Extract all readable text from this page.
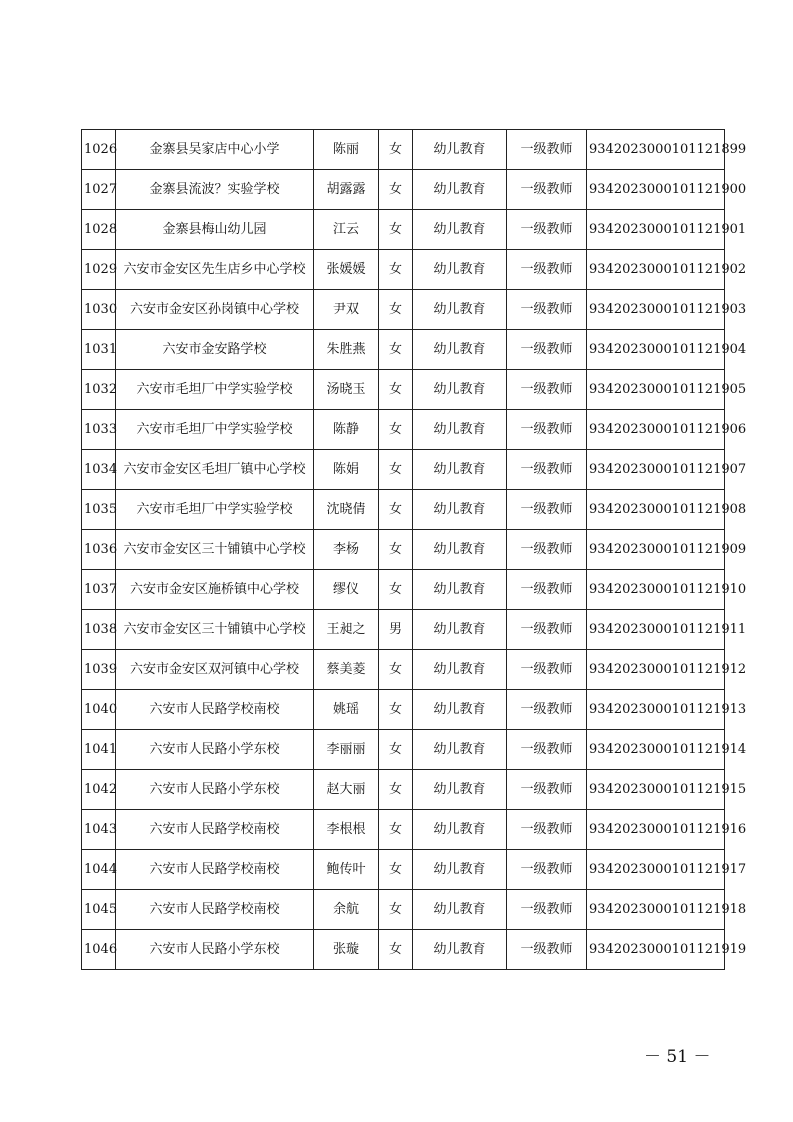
1026	金寨县吴家店中心小学	陈丽	女	幼儿教育	一级教师	9342023000101121899
1027	金寨县流波？实验学校	胡露露	女	幼儿教育	一级教师	9342023000101121900
1028	金寨县梅山幼儿园	江云	女	幼儿教育	一级教师	9342023000101121901
1029	六安市金安区先生店乡中心学校	张媛媛	女	幼儿教育	一级教师	9342023000101121902
1030	六安市金安区孙岗镇中心学校	尹双	女	幼儿教育	一级教师	9342023000101121903
1031	六安市金安路学校	朱胜燕	女	幼儿教育	一级教师	9342023000101121904
1032	六安市毛坦厂中学实验学校	汤晓玉	女	幼儿教育	一级教师	9342023000101121905
1033	六安市毛坦厂中学实验学校	陈静	女	幼儿教育	一级教师	9342023000101121906
1034	六安市金安区毛坦厂镇中心学校	陈娟	女	幼儿教育	一级教师	9342023000101121907
1035	六安市毛坦厂中学实验学校	沈晓倩	女	幼儿教育	一级教师	9342023000101121908
1036	六安市金安区三十铺镇中心学校	李杨	女	幼儿教育	一级教师	9342023000101121909
1037	六安市金安区施桥镇中心学校	缪仪	女	幼儿教育	一级教师	9342023000101121910
1038	六安市金安区三十铺镇中心学校	王昶之	男	幼儿教育	一级教师	9342023000101121911
1039	六安市金安区双河镇中心学校	蔡美菱	女	幼儿教育	一级教师	9342023000101121912
1040	六安市人民路学校南校	姚瑶	女	幼儿教育	一级教师	9342023000101121913
1041	六安市人民路小学东校	李丽丽	女	幼儿教育	一级教师	9342023000101121914
1042	六安市人民路小学东校	赵大丽	女	幼儿教育	一级教师	9342023000101121915
1043	六安市人民路学校南校	李根根	女	幼儿教育	一级教师	9342023000101121916
1044	六安市人民路学校南校	鲍传叶	女	幼儿教育	一级教师	9342023000101121917
1045	六安市人民路学校南校	余航	女	幼儿教育	一级教师	9342023000101121918
1046	六安市人民路小学东校	张璇	女	幼儿教育	一级教师	9342023000101121919
－ 51 －
